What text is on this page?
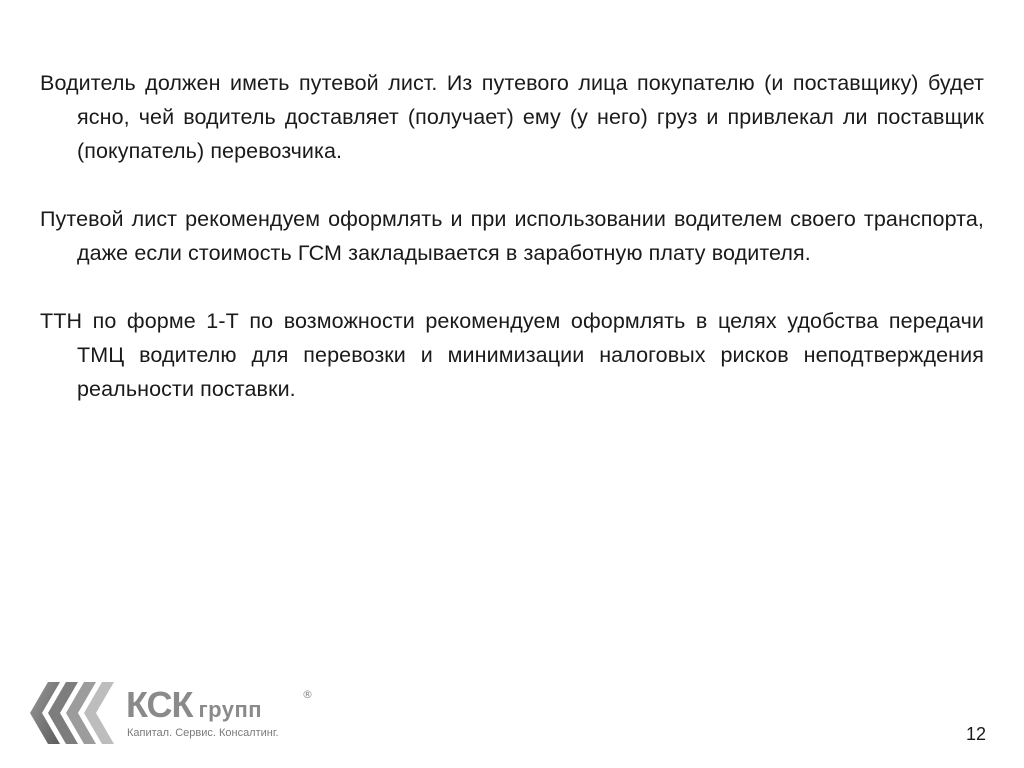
Водитель должен иметь путевой лист. Из путевого лица покупателю (и поставщику) будет ясно, чей водитель доставляет (получает) ему (у него) груз и привлекал ли поставщик (покупатель) перевозчика.

Путевой лист рекомендуем оформлять и при использовании водителем своего транспорта, даже если стоимость ГСМ закладывается в заработную плату водителя.

ТТН по форме 1-Т по возможности рекомендуем оформлять в целях удобства передачи ТМЦ водителю для перевозки и минимизации налоговых рисков неподтверждения реальности поставки.

КСК групп
®
Капитал. Сервис. Консалтинг.	12
